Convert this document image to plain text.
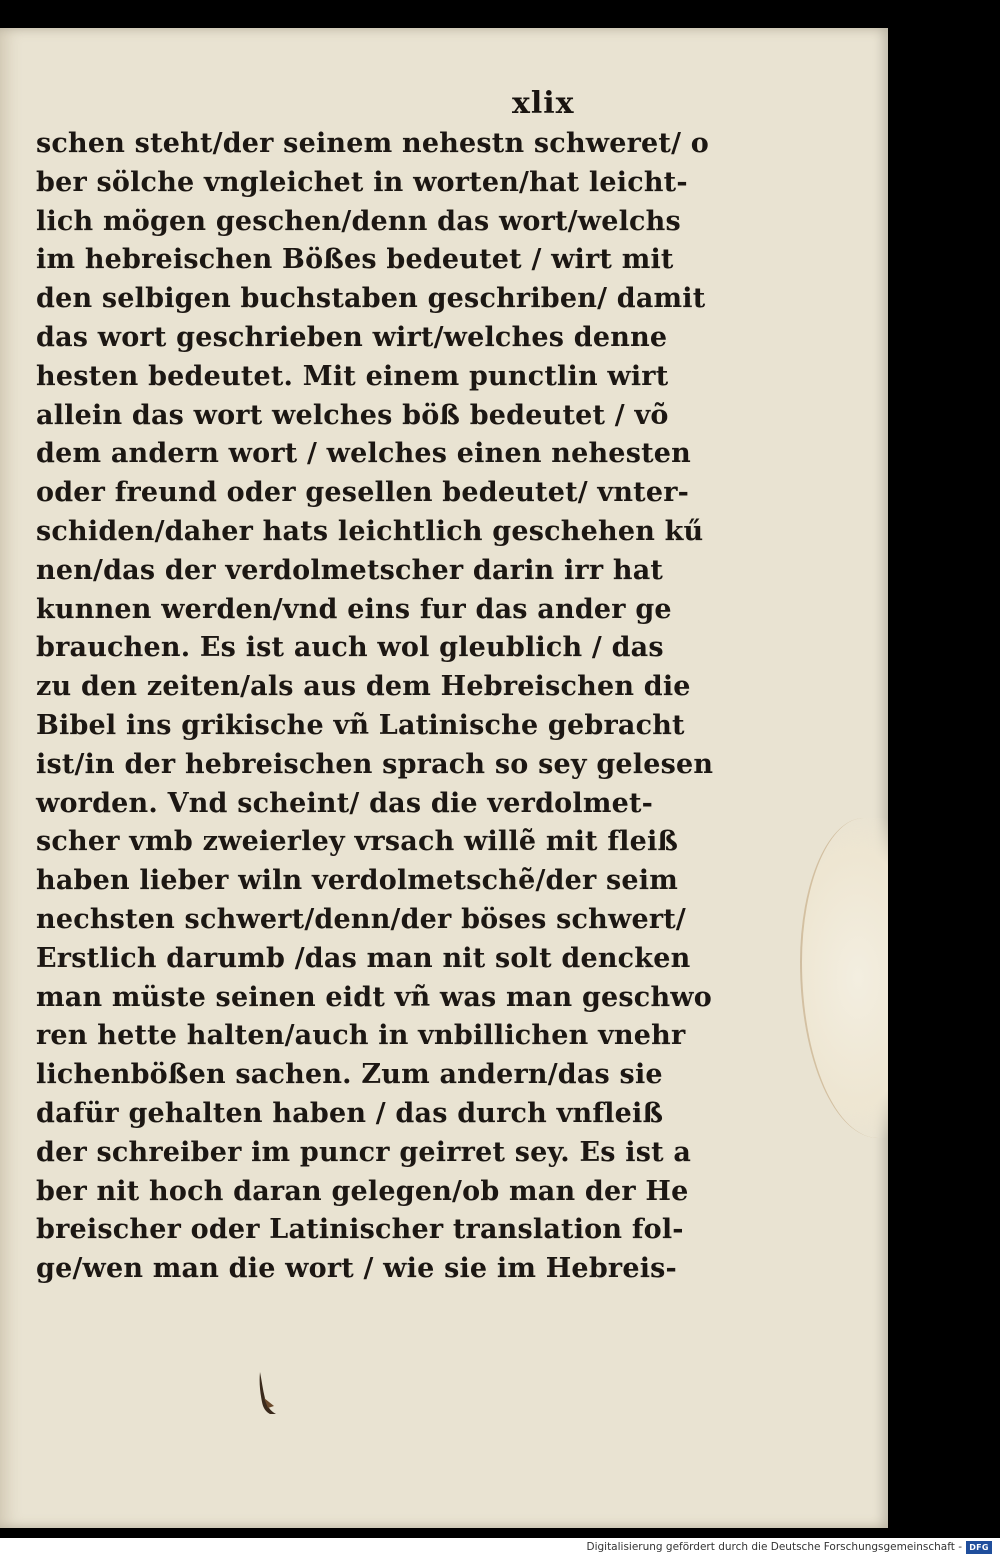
xlix
schen steht/der seinem nehestn schweret/ o
ber sölche vngleichet in worten/hat leicht-
lich mögen geschen/denn das wort/welchs
im hebreischen Bößes bedeutet / wirt mit
den selbigen buchstaben geschriben/ damit
das wort geschrieben wirt/welches denne
hesten bedeutet. Mit einem punctlin wirt
allein das wort welches böß bedeutet / võ
dem andern wort / welches einen nehesten
oder freund oder gesellen bedeutet/ vnter-
schiden/daher hats leichtlich geschehen kű
nen/das der verdolmetscher darin irr hat
kunnen werden/vnd eins fur das ander ge
brauchen. Es ist auch wol gleublich / das
zu den zeiten/als aus dem Hebreischen die
Bibel ins grikische vñ Latinische gebracht
ist/in der hebreischen sprach so sey gelesen
worden. Vnd scheint/ das die verdolmet-
scher vmb zweierley vrsach willẽ mit fleiß
haben lieber wiln verdolmetschẽ/der seim
nechsten schwert/denn/der böses schwert/
Erstlich darumb /das man nit solt dencken
man müste seinen eidt vñ was man geschwo
ren hette halten/auch in vnbillichen vnehr
lichenbößen sachen. Zum andern/das sie
dafür gehalten haben / das durch vnfleiß
der schreiber im puncr geirret sey. Es ist a
ber nit hoch daran gelegen/ob man der He
breischer oder Latinischer translation fol-
ge/wen man die wort / wie sie im Hebreis-
Digitalisierung gefördert durch die Deutsche Forschungsgemeinschaft - DFG
